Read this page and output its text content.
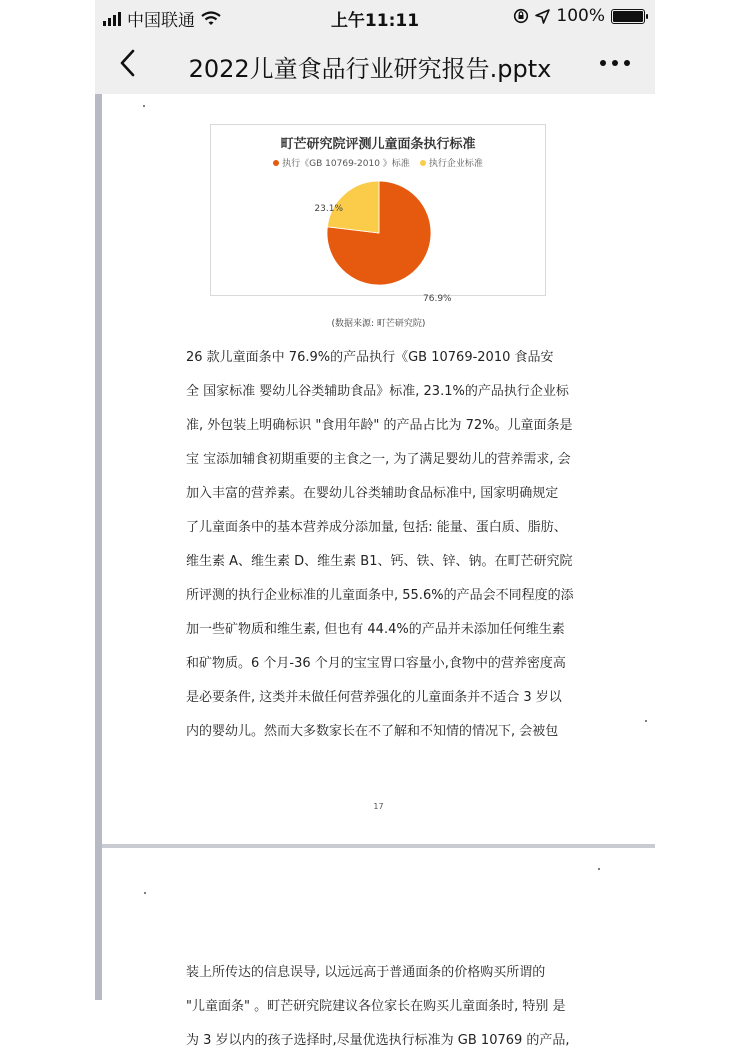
中国联通	上午11:11	100%
2022儿童食品行业研究报告.pptx
町芒研究院评测儿童面条执行标准
执行《GB 10769-2010 》标准 执行企业标准
76.9%
23.1%
(数据来源: 町芒研究院)
26 款儿童面条中 76.9%的产品执行《GB 10769-2010 食品安
全 国家标准 婴幼儿谷类辅助食品》标准, 23.1%的产品执行企业标
准, 外包装上明确标识 "食用年龄" 的产品占比为 72%。儿童面条是
宝 宝添加辅食初期重要的主食之一, 为了满足婴幼儿的营养需求, 会
加入丰富的营养素。在婴幼儿谷类辅助食品标准中, 国家明确规定
了儿童面条中的基本营养成分添加量, 包括: 能量、蛋白质、脂肪、
维生素 A、维生素 D、维生素 B1、钙、铁、锌、钠。在町芒研究院
所评测的执行企业标准的儿童面条中, 55.6%的产品会不同程度的添
加一些矿物质和维生素, 但也有 44.4%的产品并未添加任何维生素
和矿物质。6 个月-36 个月的宝宝胃口容量小,食物中的营养密度高
是必要条件, 这类并未做任何营养强化的儿童面条并不适合 3 岁以
内的婴幼儿。然而大多数家长在不了解和不知情的情况下, 会被包
17
装上所传达的信息误导, 以远远高于普通面条的价格购买所谓的
"儿童面条" 。町芒研究院建议各位家长在购买儿童面条时, 特别 是
为 3 岁以内的孩子选择时,尽量优选执行标准为 GB 10769 的产品,
